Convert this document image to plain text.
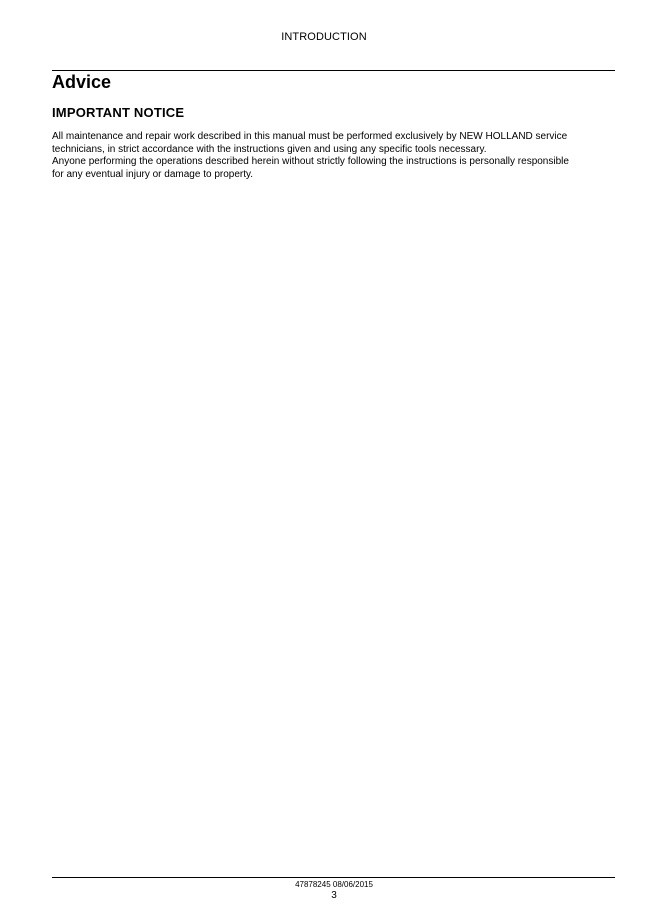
INTRODUCTION
Advice
IMPORTANT NOTICE

All maintenance and repair work described in this manual must be performed exclusively by NEW HOLLAND service
technicians, in strict accordance with the instructions given and using any specific tools necessary.

Anyone performing the operations described herein without strictly following the instructions is personally responsible
for any eventual injury or damage to property.

47878245 08/06/2015
3
